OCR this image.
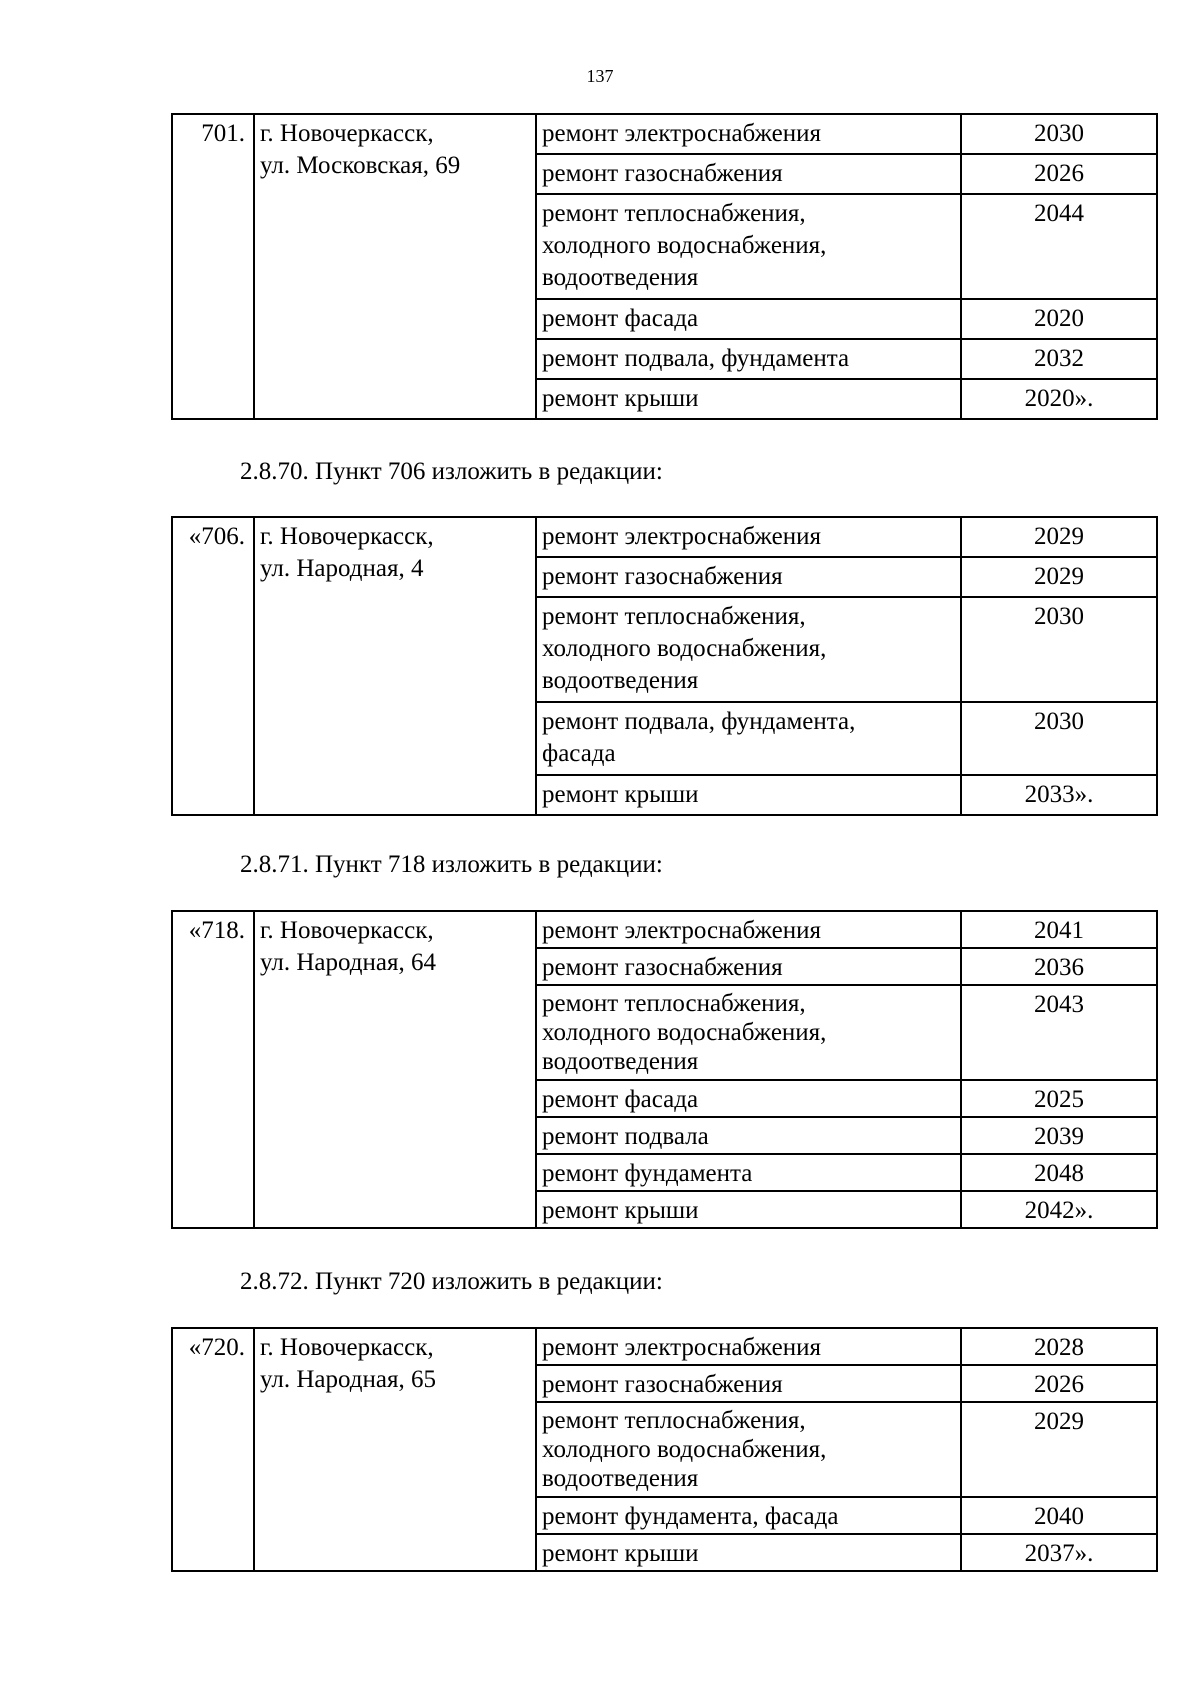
137
701.	г. Новочеркасск,
ул. Московская, 69	ремонт электроснабжения	2030

		ремонт газоснабжения	2026

		ремонт теплоснабжения,
холодного водоснабжения,
водоотведения	2044

		ремонт фасада	2020

		ремонт подвала, фундамента	2032

		ремонт крыши	2020».
2.8.70. Пункт 706 изложить в редакции:
«706.	г. Новочеркасск,
ул. Народная, 4	ремонт электроснабжения	2029

		ремонт газоснабжения	2029

		ремонт теплоснабжения,
холодного водоснабжения,
водоотведения	2030

		ремонт подвала, фундамента,
фасада	2030

		ремонт крыши	2033».
2.8.71. Пункт 718 изложить в редакции:
«718.	г. Новочеркасск,
ул. Народная, 64	ремонт электроснабжения	2041

		ремонт газоснабжения	2036

		ремонт теплоснабжения,
холодного водоснабжения,
водоотведения	2043

		ремонт фасада	2025

		ремонт подвала	2039

		ремонт фундамента	2048

		ремонт крыши	2042».
2.8.72. Пункт 720 изложить в редакции:
«720.	г. Новочеркасск,
ул. Народная, 65	ремонт электроснабжения	2028

		ремонт газоснабжения	2026

		ремонт теплоснабжения,
холодного водоснабжения,
водоотведения	2029

		ремонт фундамента, фасада	2040

		ремонт крыши	2037».
